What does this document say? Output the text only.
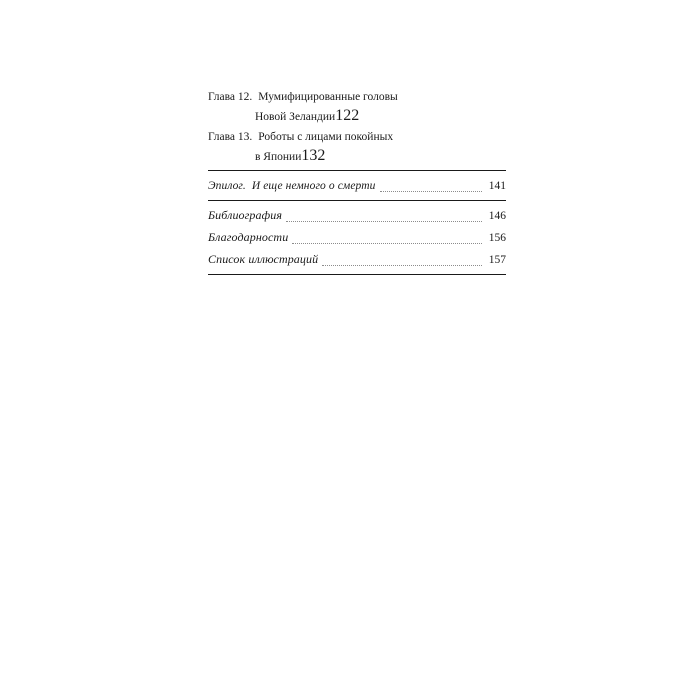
Глава 12. Мумифицированные головы
Новой Зеландии 122
Глава 13. Роботы с лицами покойных
в Японии 132
Эпилог. И еще немного о смерти	141
Библиография	146
Благодарности	156
Список иллюстраций	157
